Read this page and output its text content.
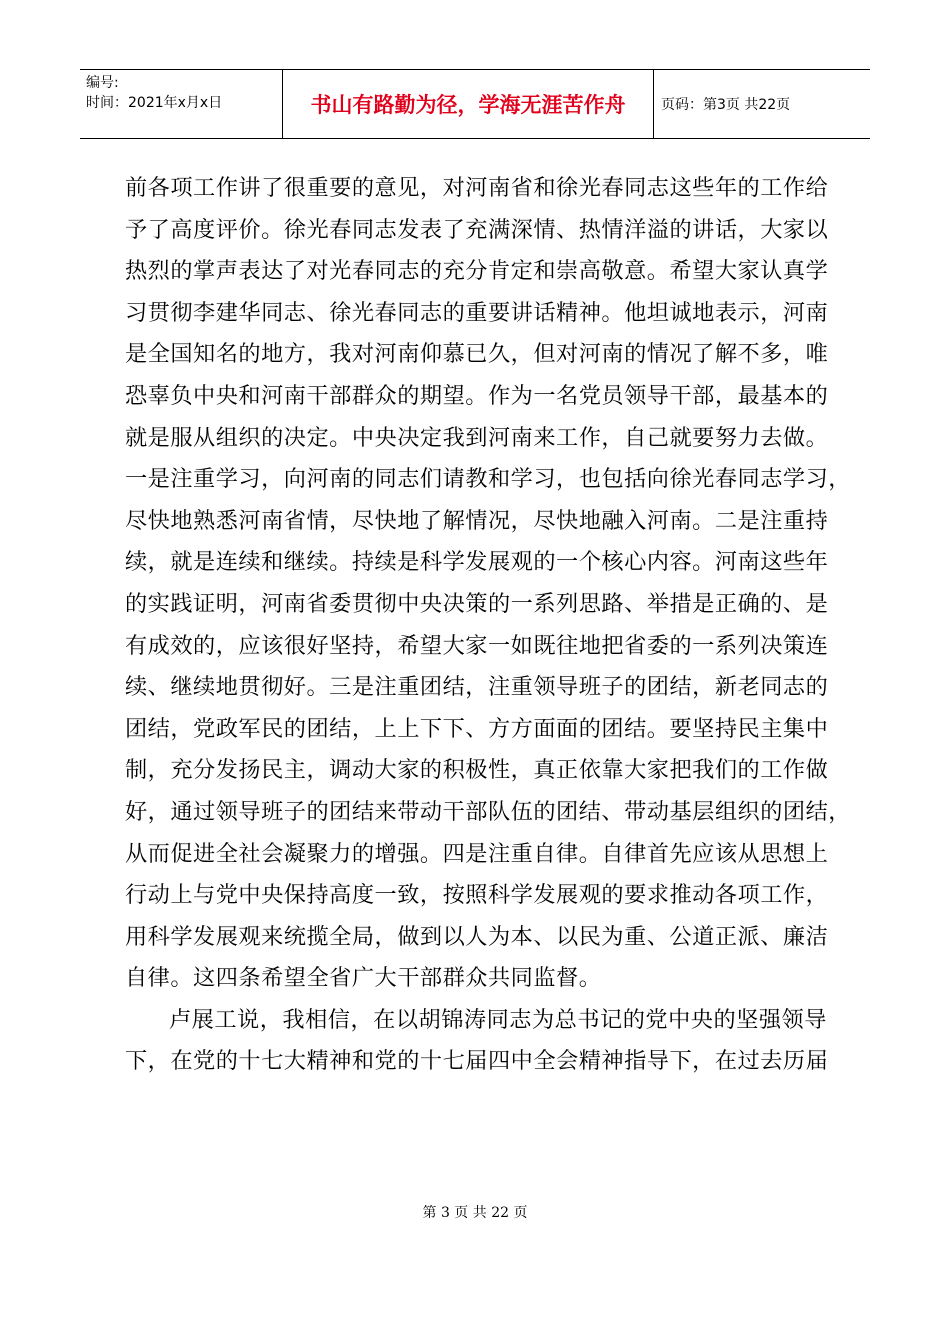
编号:
时间：2021年x月x日	书山有路勤为径，学海无涯苦作舟	页码：第3页 共22页

前各项工作讲了很重要的意见，对河南省和徐光春同志这些年的工作给

予了高度评价。徐光春同志发表了充满深情、热情洋溢的讲话，大家以

热烈的掌声表达了对光春同志的充分肯定和崇高敬意。希望大家认真学

习贯彻李建华同志、徐光春同志的重要讲话精神。他坦诚地表示，河南

是全国知名的地方，我对河南仰慕已久，但对河南的情况了解不多，唯

恐辜负中央和河南干部群众的期望。作为一名党员领导干部，最基本的

就是服从组织的决定。中央决定我到河南来工作，自己就要努力去做。

一是注重学习，向河南的同志们请教和学习，也包括向徐光春同志学习，

尽快地熟悉河南省情，尽快地了解情况，尽快地融入河南。二是注重持

续，就是连续和继续。持续是科学发展观的一个核心内容。河南这些年

的实践证明，河南省委贯彻中央决策的一系列思路、举措是正确的、是

有成效的，应该很好坚持，希望大家一如既往地把省委的一系列决策连

续、继续地贯彻好。三是注重团结，注重领导班子的团结，新老同志的

团结，党政军民的团结，上上下下、方方面面的团结。要坚持民主集中

制，充分发扬民主，调动大家的积极性，真正依靠大家把我们的工作做

好，通过领导班子的团结来带动干部队伍的团结、带动基层组织的团结，

从而促进全社会凝聚力的增强。四是注重自律。自律首先应该从思想上

行动上与党中央保持高度一致，按照科学发展观的要求推动各项工作，

用科学发展观来统揽全局，做到以人为本、以民为重、公道正派、廉洁

自律。这四条希望全省广大干部群众共同监督。

卢展工说，我相信，在以胡锦涛同志为总书记的党中央的坚强领导

下，在党的十七大精神和党的十七届四中全会精神指导下，在过去历届

第 3 页 共 22 页
